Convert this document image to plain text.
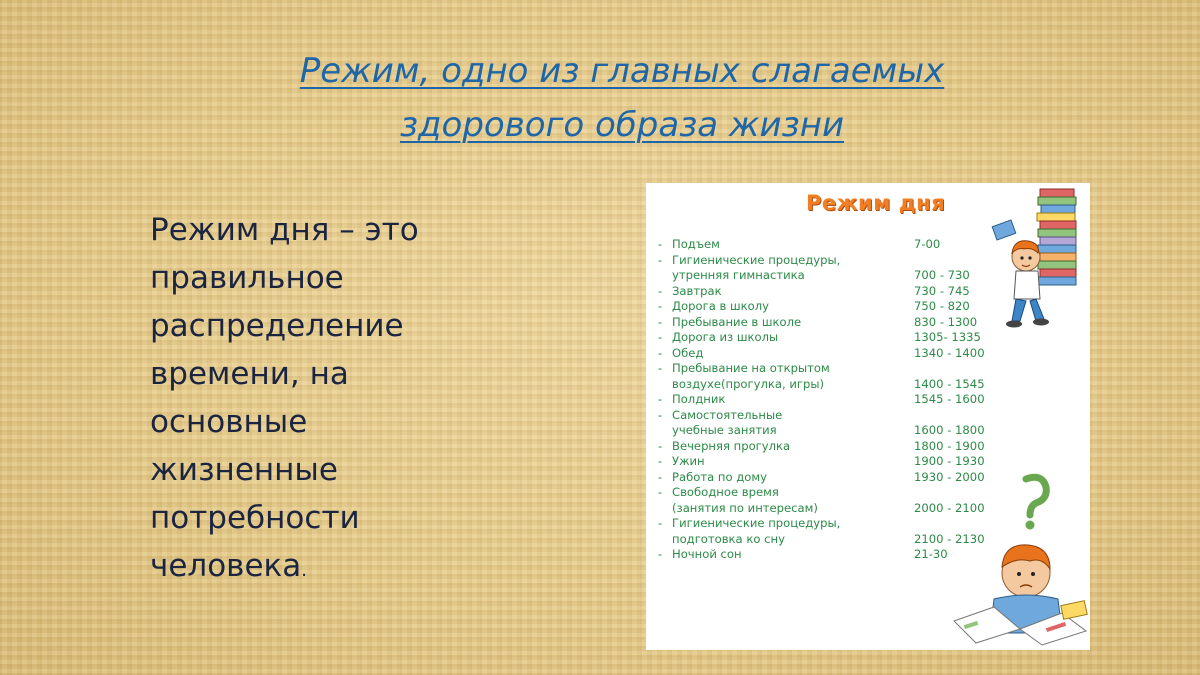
Режим, одно из главных слагаемых
здорового образа жизни

Режим дня – это
правильное
распределение
времени, на
основные
жизненные
потребности
человека.

Режим дня
- Подъем	7-00
- Гигиенические процедуры,
утренняя гимнастика	700 - 730
- Завтрак	730 - 745
- Дорога в школу	750 - 820
- Пребывание в школе	830 - 1300
- Дорога из школы	1305- 1335
- Обед	1340 - 1400
- Пребывание на открытом
воздухе(прогулка, игры)	1400 - 1545
- Полдник	1545 - 1600
- Самостоятельные
учебные занятия	1600 - 1800
- Вечерняя прогулка	1800 - 1900
- Ужин	1900 - 1930
- Работа по дому	1930 - 2000
- Свободное время
(занятия по интересам)	2000 - 2100
- Гигиенические процедуры,
подготовка ко сну	2100 - 2130
- Ночной сон	21-30
